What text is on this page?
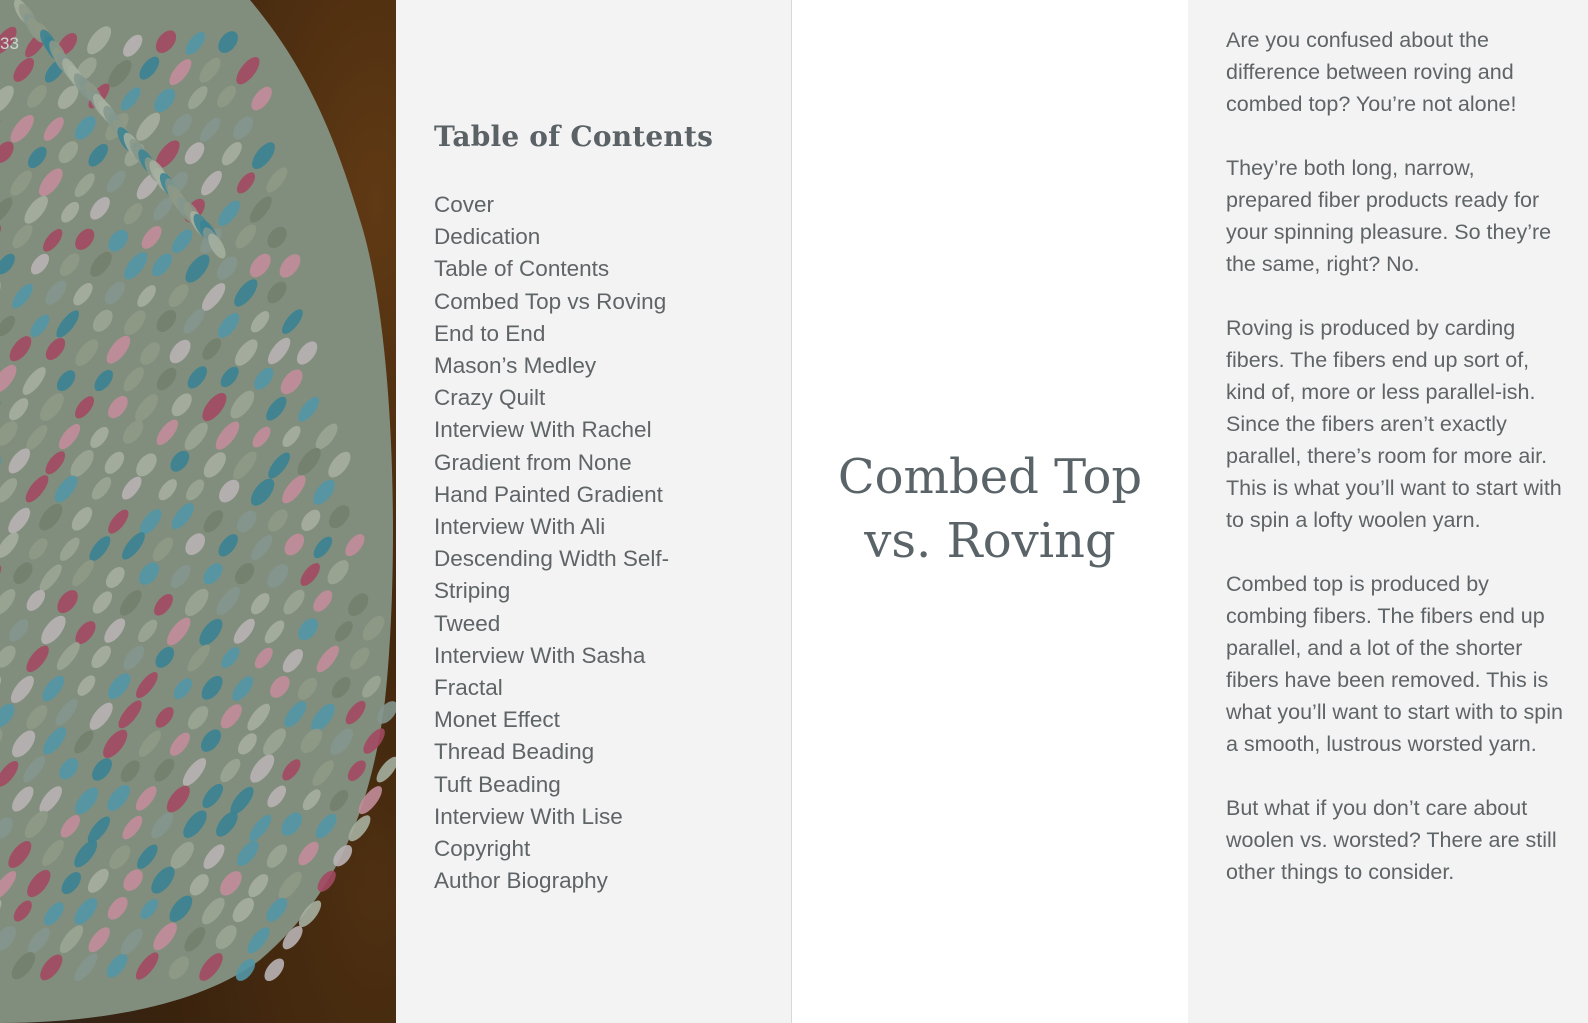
33
Table of Contents
Cover
Dedication
Table of Contents
Combed Top vs Roving
End to End
Mason’s Medley
Crazy Quilt
Interview With Rachel
Gradient from None
Hand Painted Gradient
Interview With Ali
Descending Width Self-
Striping
Tweed
Interview With Sasha
Fractal
Monet Effect
Thread Beading
Tuft Beading
Interview With Lise
Copyright
Author Biography
Combed Top
vs. Roving

Are you confused about the difference between roving and combed top? You’re not alone!

They’re both long, narrow, prepared fiber products ready for your spinning pleasure. So they’re the same, right? No.

Roving is produced by carding fibers. The fibers end up sort of, kind of, more or less parallel-ish. Since the fibers aren’t exactly parallel, there’s room for more air. This is what you’ll want to start with to spin a lofty woolen yarn.

Combed top is produced by combing fibers. The fibers end up parallel, and a lot of the shorter fibers have been removed. This is what you’ll want to start with to spin a smooth, lustrous worsted yarn.

But what if you don’t care about woolen vs. worsted? There are still other things to consider.
